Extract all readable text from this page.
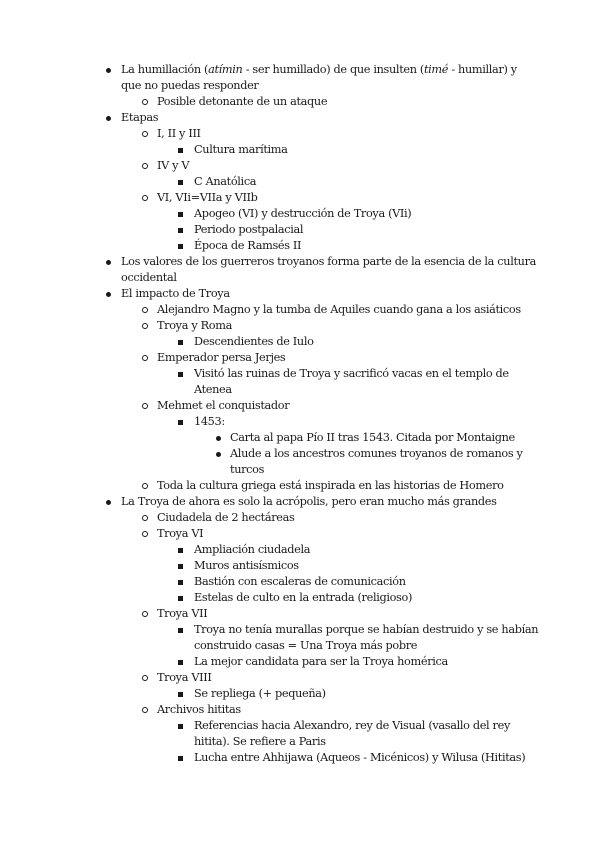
La humillación (atímin - ser humillado) de que insulten (timé - humillar) y
que no puedas responder
Posible detonante de un ataque
Etapas
I, II y III
Cultura marítima
IV y V
C Anatólica
VI, VIi=VIIa y VIIb
Apogeo (VI) y destrucción de Troya (VIi)
Periodo postpalacial
Época de Ramsés II
Los valores de los guerreros troyanos forma parte de la esencia de la cultura
occidental
El impacto de Troya
Alejandro Magno y la tumba de Aquiles cuando gana a los asiáticos
Troya y Roma
Descendientes de Iulo
Emperador persa Jerjes
Visitó las ruinas de Troya y sacrificó vacas en el templo de
Atenea
Mehmet el conquistador
1453:
Carta al papa Pío II tras 1543. Citada por Montaigne
Alude a los ancestros comunes troyanos de romanos y
turcos
Toda la cultura griega está inspirada en las historias de Homero
La Troya de ahora es solo la acrópolis, pero eran mucho más grandes
Ciudadela de 2 hectáreas
Troya VI
Ampliación ciudadela
Muros antisísmicos
Bastión con escaleras de comunicación
Estelas de culto en la entrada (religioso)
Troya VII
Troya no tenía murallas porque se habían destruido y se habían
construido casas = Una Troya más pobre
La mejor candidata para ser la Troya homérica
Troya VIII
Se repliega (+ pequeña)
Archivos hititas
Referencias hacia Alexandro, rey de Visual (vasallo del rey
hitita). Se refiere a Paris
Lucha entre Ahhijawa (Aqueos - Micénicos) y Wilusa (Hititas)
